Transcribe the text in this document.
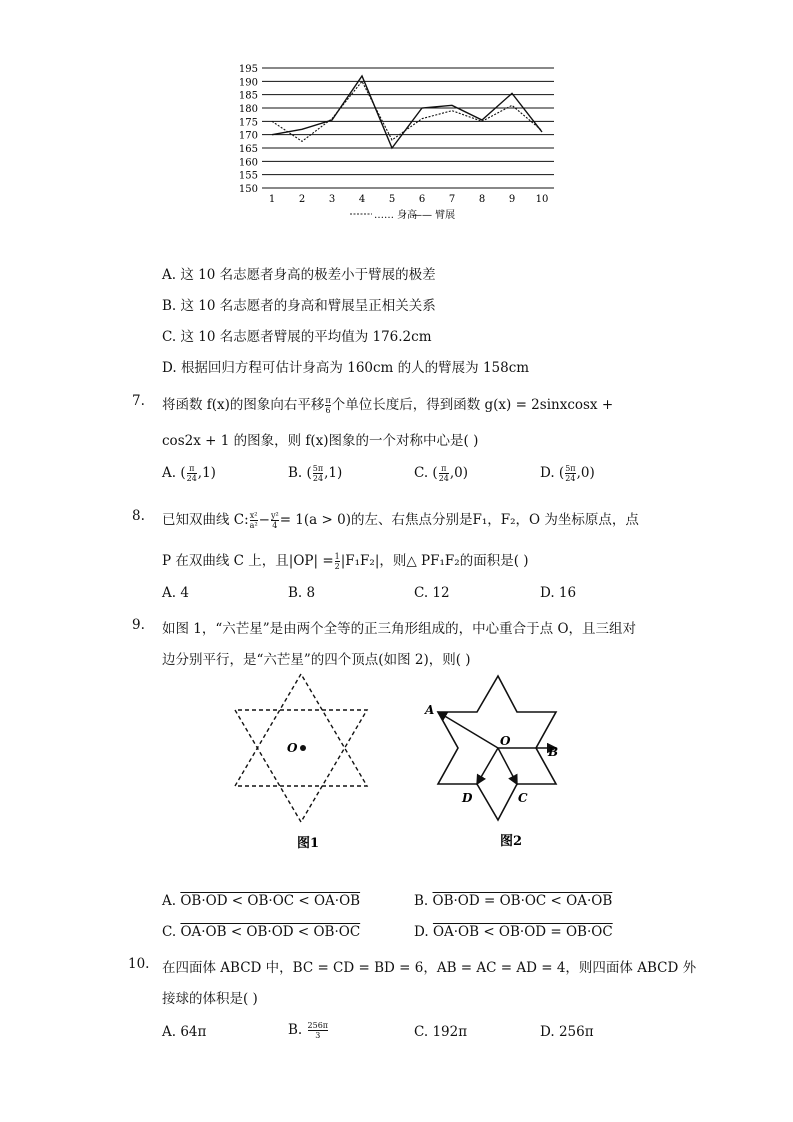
195
190
185
180
175
170
165
160
155
150
1 2 3 4 5 6 7 8 9 10
…… 身高
—— 臂展
A. 这 10 名志愿者身高的极差小于臂展的极差
B. 这 10 名志愿者的身高和臂展呈正相关关系
C. 这 10 名志愿者臂展的平均值为 176.2cm
D. 根据回归方程可估计身高为 160cm 的人的臂展为 158cm
7. 将函数 f(x)的图象向右平移 $\frac{\pi}{6}$ 个单位长度后，得到函数 g(x) = 2sinxcosx +
cos2x + 1 的图象，则 f(x)图象的一个对称中心是( )
A. ( $\frac{\pi}{24} ,1$)	B. ( $\frac{5\pi}{24} ,1$)	C. ( $\frac{\pi}{24} ,0$)	D. ( $\frac{5\pi}{24} ,0$)
8. 已知双曲线 C: $\frac{\text{x²}}{\text{a²}} - \frac{\text{y²}}{4} = 1(a > 0)$的左、右焦点分别是F₁，F₂，O 为坐标原点，点
P 在双曲线 C 上，且$|OP| = \frac{1}{2} |F_1F_2|$，则△ PF₁F₂的面积是( )
A. 4	B. 8	C. 12	D. 16
9. 如图 1，“六芒星”是由两个全等的正三角形组成的，中心重合于点 O，且三组对
边分别平行，是“六芒星”的四个顶点(如图 2)，则( )
O
图1
A
O
B
D	C
图2
A. OB·OD < OB·OC < OA·OB	B. OB·OD = OB·OC < OA·OB
C. OA·OB < OB·OD < OB·OC	D. OA·OB < OB·OD = OB·OC
10. 在四面体 ABCD 中，BC = CD = BD = 6，AB = AC = AD = 4，则四面体 ABCD 外
接球的体积是( )
A. 64π	B. $\frac{256\pi}{3}$	C. 192π	D. 256π
